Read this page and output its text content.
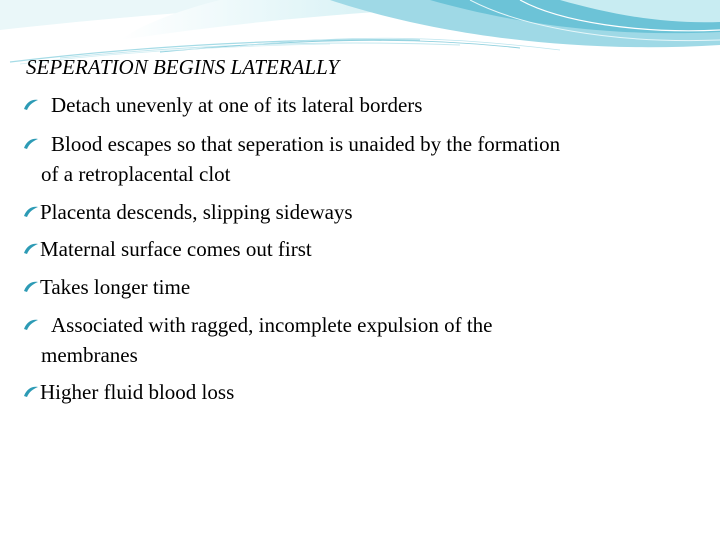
SEPERATION BEGINS LATERALLY
Detach unevenly at one of its lateral borders
Blood escapes so that seperation is unaided by the formation
of a retroplacental clot
Placenta descends, slipping sideways
Maternal surface comes out first
Takes longer time
Associated with ragged, incomplete expulsion of the
membranes
Higher fluid blood loss
